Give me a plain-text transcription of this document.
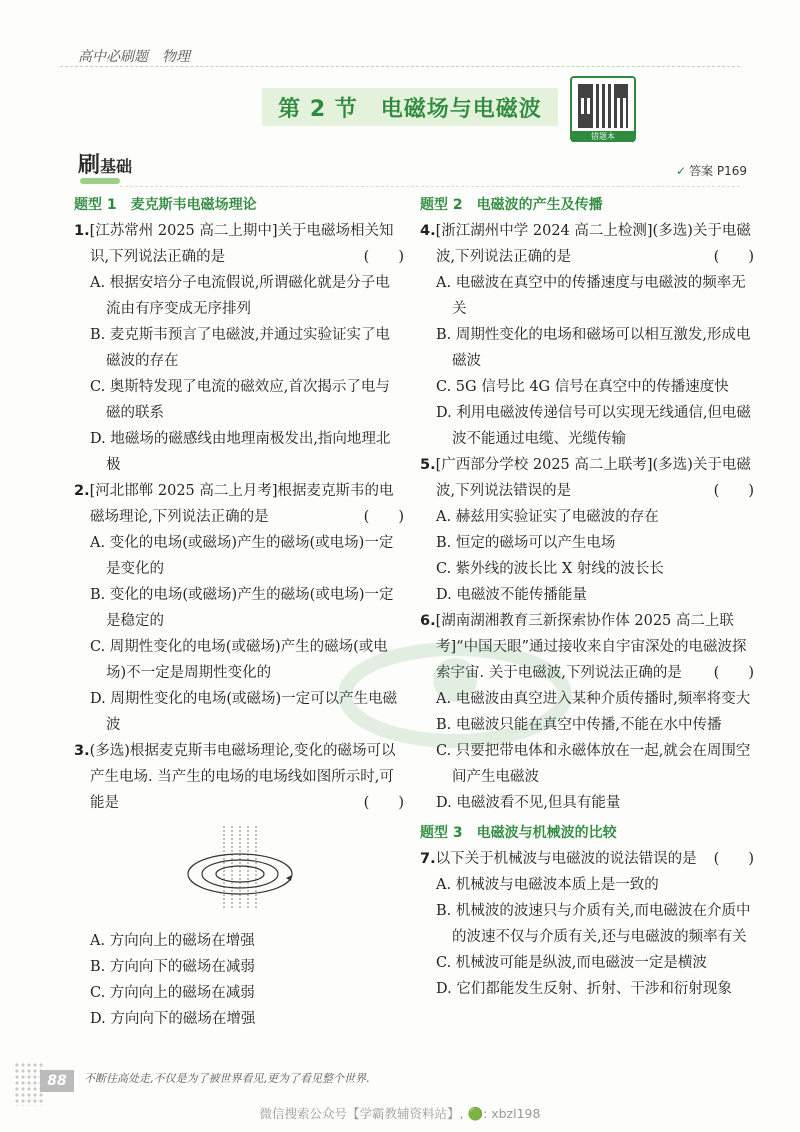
高中必刷题　物理
第 2 节　电磁场与电磁波
错题本
刷基础	✓ 答案 P169

题型 1　麦克斯韦电磁场理论

1.[江苏常州 2025 高二上期中]关于电磁场相关知识,下列说法正确的是	(　　)

A. 根据安培分子电流假说,所谓磁化就是分子电流由有序变成无序排列

B. 麦克斯韦预言了电磁波,并通过实验证实了电磁波的存在

C. 奥斯特发现了电流的磁效应,首次揭示了电与磁的联系

D. 地磁场的磁感线由地理南极发出,指向地理北极

2.[河北邯郸 2025 高二上月考]根据麦克斯韦的电磁场理论,下列说法正确的是	(　　)

A. 变化的电场(或磁场)产生的磁场(或电场)一定是变化的

B. 变化的电场(或磁场)产生的磁场(或电场)一定是稳定的

C. 周期性变化的电场(或磁场)产生的磁场(或电场)不一定是周期性变化的

D. 周期性变化的电场(或磁场)一定可以产生电磁波

3.(多选)根据麦克斯韦电磁场理论,变化的磁场可以产生电场. 当产生的电场的电场线如图所示时,可能是	(　　)

A. 方向向上的磁场在增强

B. 方向向下的磁场在减弱

C. 方向向上的磁场在减弱

D. 方向向下的磁场在增强

题型 2　电磁波的产生及传播

4.[浙江湖州中学 2024 高二上检测](多选)关于电磁波,下列说法正确的是	(　　)

A. 电磁波在真空中的传播速度与电磁波的频率无关

B. 周期性变化的电场和磁场可以相互激发,形成电磁波

C. 5G 信号比 4G 信号在真空中的传播速度快

D. 利用电磁波传递信号可以实现无线通信,但电磁波不能通过电缆、光缆传输

5.[广西部分学校 2025 高二上联考](多选)关于电磁波,下列说法错误的是	(　　)

A. 赫兹用实验证实了电磁波的存在

B. 恒定的磁场可以产生电场

C. 紫外线的波长比 X 射线的波长长

D. 电磁波不能传播能量

6.[湖南湖湘教育三新探索协作体 2025 高二上联考]“中国天眼”通过接收来自宇宙深处的电磁波探索宇宙. 关于电磁波,下列说法正确的是 (　　)

A. 电磁波由真空进入某种介质传播时,频率将变大

B. 电磁波只能在真空中传播,不能在水中传播

C. 只要把带电体和永磁体放在一起,就会在周围空间产生电磁波

D. 电磁波看不见,但具有能量

题型 3　电磁波与机械波的比较

7.以下关于机械波与电磁波的说法错误的是 (　　)

A. 机械波与电磁波本质上是一致的

B. 机械波的波速只与介质有关,而电磁波在介质中的波速不仅与介质有关,还与电磁波的频率有关

C. 机械波可能是纵波,而电磁波一定是横波

D. 它们都能发生反射、折射、干涉和衍射现象

88	不断往高处走,不仅是为了被世界看见,更为了看见整个世界.
微信搜索公众号【学霸教辅资料站】, 🟢: xbzl198
